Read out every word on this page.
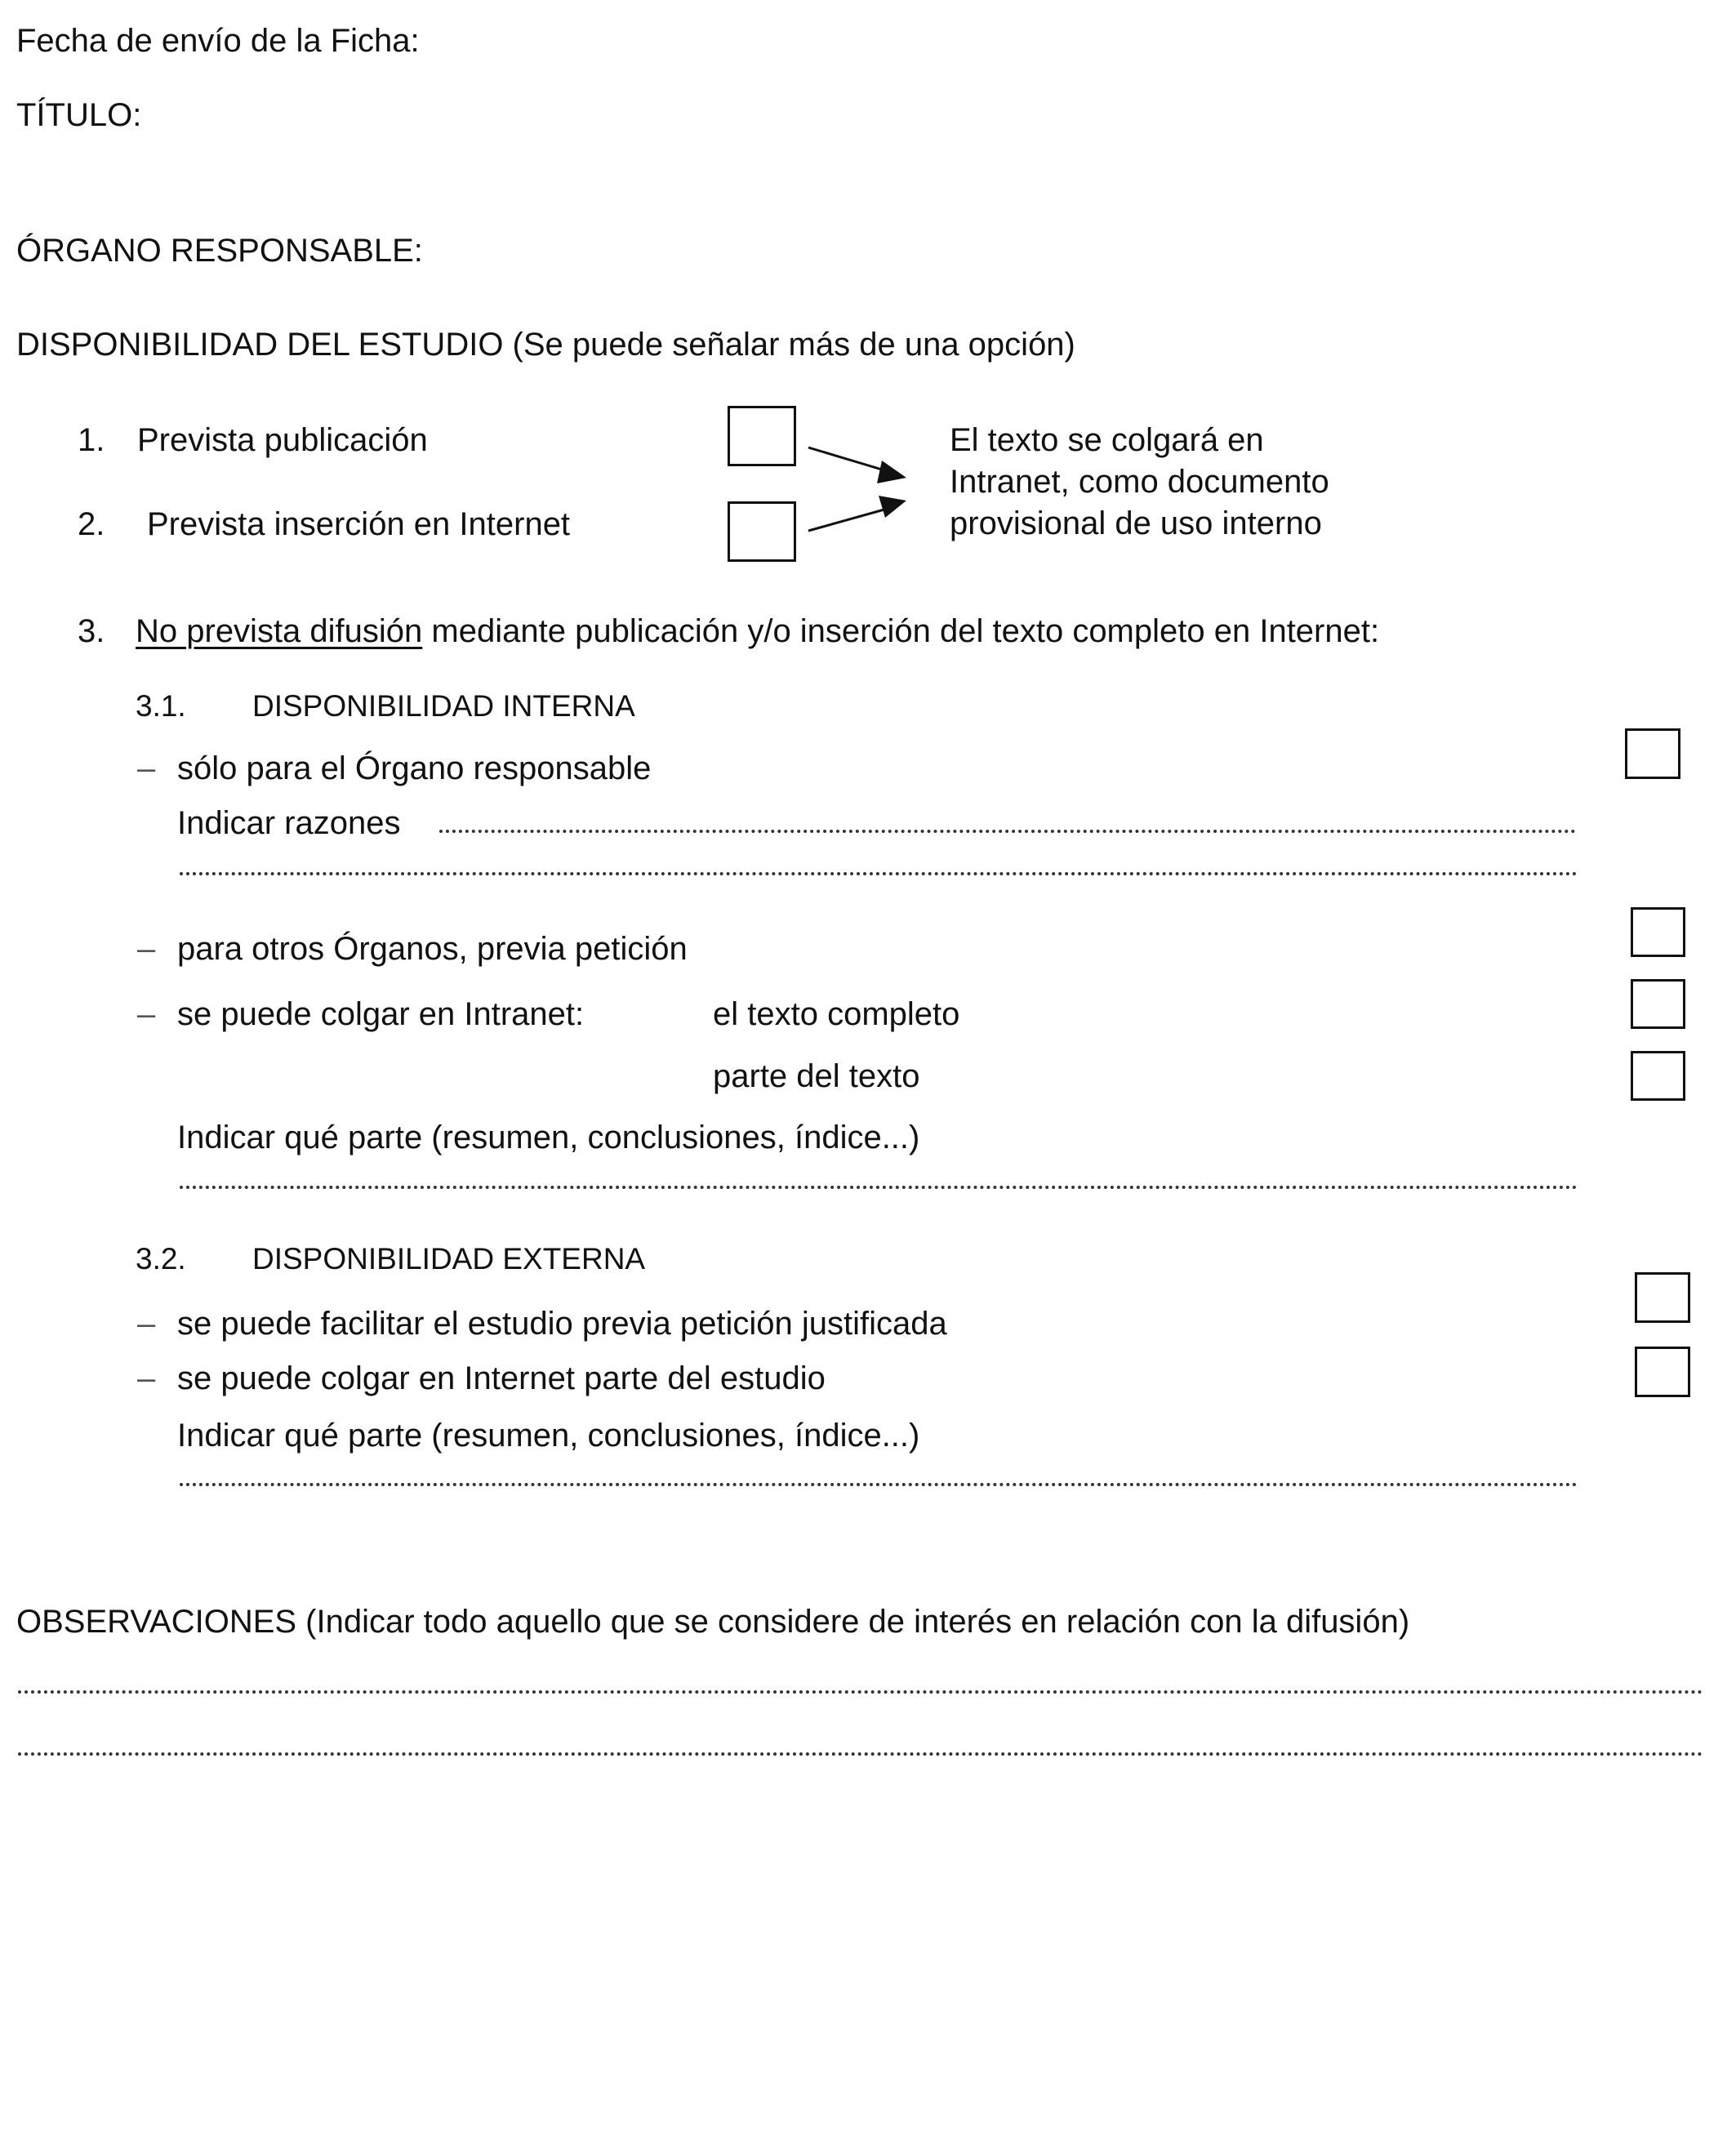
Fecha de envío de la Ficha:
TÍTULO:
ÓRGANO RESPONSABLE:
DISPONIBILIDAD DEL ESTUDIO (Se puede señalar más de una opción)
1. Prevista publicación
2. Prevista inserción en Internet
El texto se colgará en
Intranet, como documento
provisional de uso interno
3. No prevista difusión mediante publicación y/o inserción del texto completo en Internet:
3.1. DISPONIBILIDAD INTERNA
– sólo para el Órgano responsable
Indicar razones
– para otros Órganos, previa petición
– se puede colgar en Intranet:	el texto completo
parte del texto
Indicar qué parte (resumen, conclusiones, índice...)
3.2. DISPONIBILIDAD EXTERNA
– se puede facilitar el estudio previa petición justificada
– se puede colgar en Internet parte del estudio
Indicar qué parte (resumen, conclusiones, índice...)
OBSERVACIONES (Indicar todo aquello que se considere de interés en relación con la difusión)
